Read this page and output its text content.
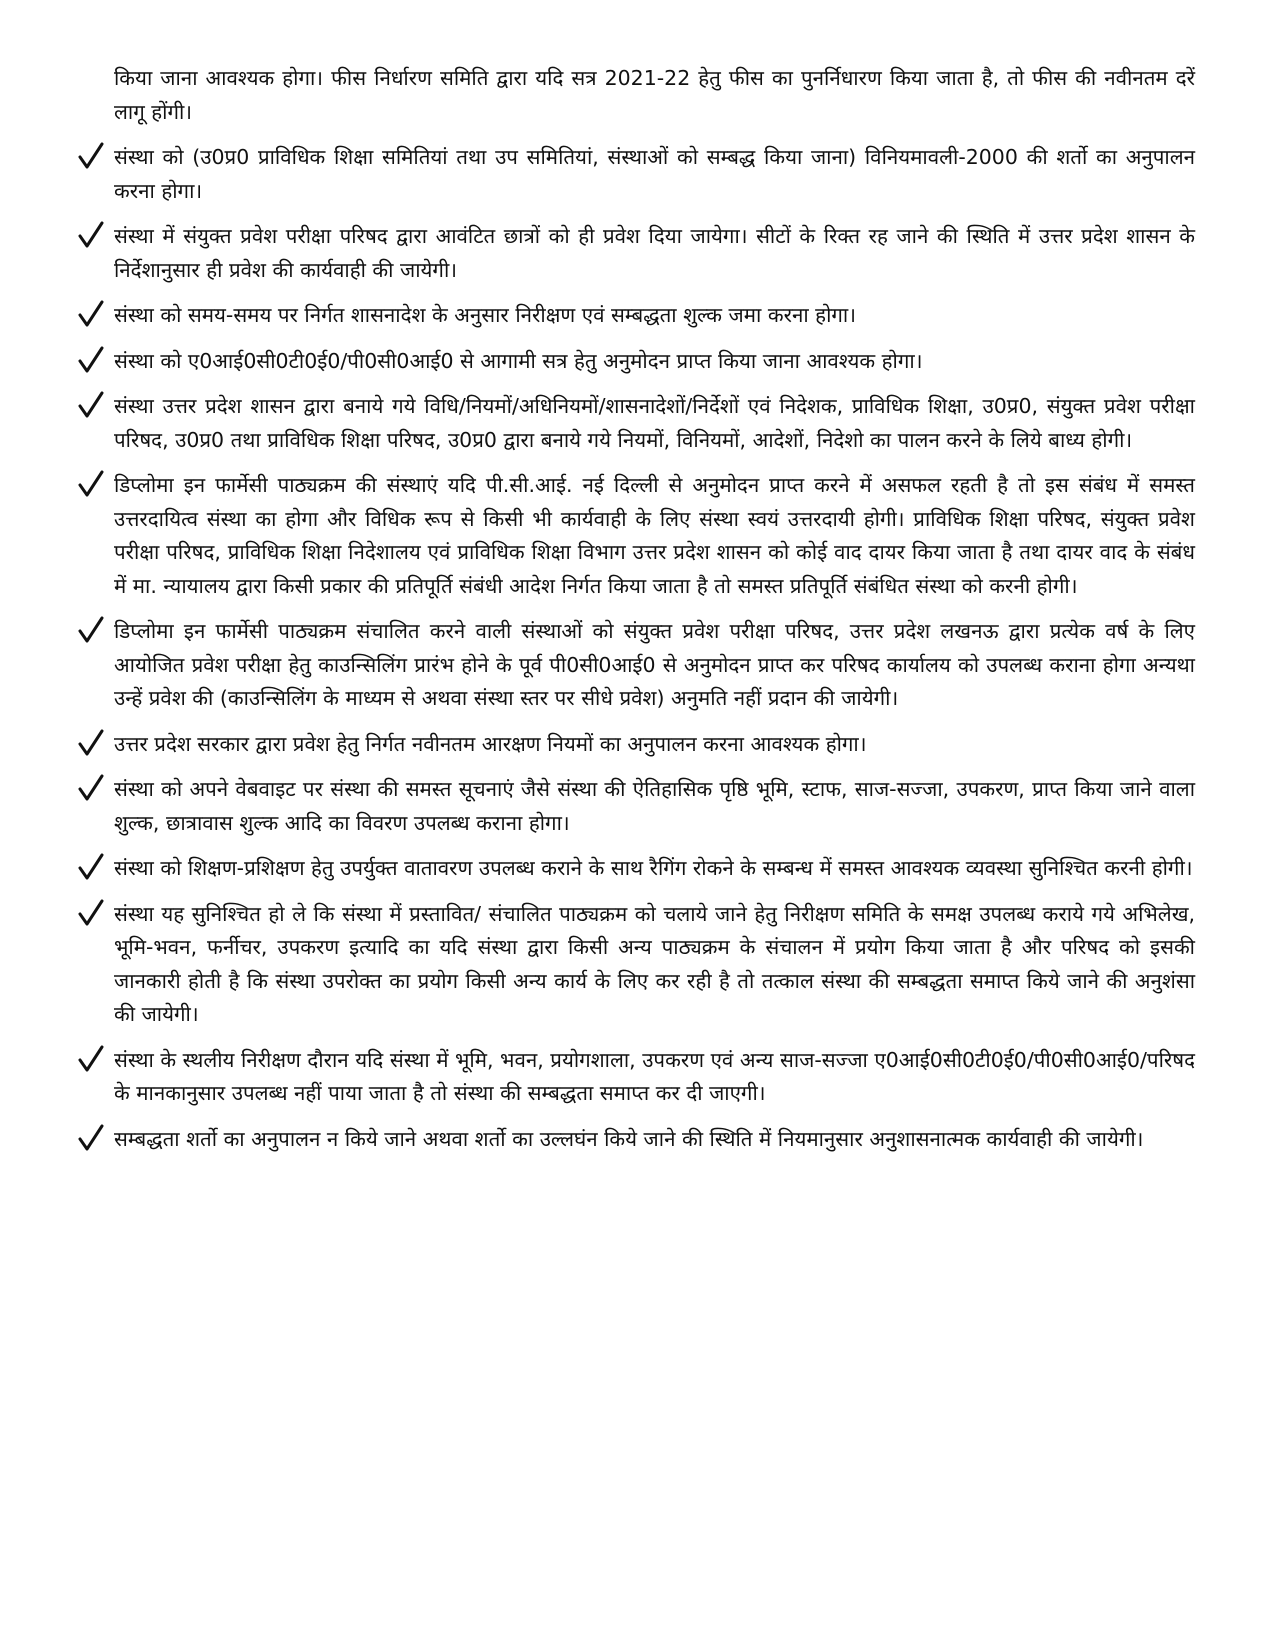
किया जाना आवश्यक होगा। फीस निर्धारण समिति द्वारा यदि सत्र 2021-22 हेतु फीस का पुनर्निधारण किया जाता है, तो फीस की नवीनतम दरें लागू होंगी।

संस्था को (उ0प्र0 प्राविधिक शिक्षा समितियां तथा उप समितियां, संस्थाओं को सम्बद्ध किया जाना) विनियमावली-2000 की शर्तो का अनुपालन करना होगा।
संस्था में संयुक्त प्रवेश परीक्षा परिषद द्वारा आवंटित छात्रों को ही प्रवेश दिया जायेगा। सीटों के रिक्त रह जाने की स्थिति में उत्तर प्रदेश शासन के निर्देशानुसार ही प्रवेश की कार्यवाही की जायेगी।
संस्था को समय-समय पर निर्गत शासनादेश के अनुसार निरीक्षण एवं सम्बद्धता शुल्क जमा करना होगा।
संस्था को ए0आई0सी0टी0ई0/पी0सी0आई0 से आगामी सत्र हेतु अनुमोदन प्राप्त किया जाना आवश्यक होगा।
संस्था उत्तर प्रदेश शासन द्वारा बनाये गये विधि/नियमों/अधिनियमों/शासनादेशों/निर्देशों एवं निदेशक, प्राविधिक शिक्षा, उ0प्र0, संयुक्त प्रवेश परीक्षा परिषद, उ0प्र0 तथा प्राविधिक शिक्षा परिषद, उ0प्र0 द्वारा बनाये गये नियमों, विनियमों, आदेशों, निदेशो का पालन करने के लिये बाध्य होगी।
डिप्लोमा इन फार्मेसी पाठ्यक्रम की संस्थाएं यदि पी.सी.आई. नई दिल्ली से अनुमोदन प्राप्त करने में असफल रहती है तो इस संबंध में समस्त उत्तरदायित्व संस्था का होगा और विधिक रूप से किसी भी कार्यवाही के लिए संस्था स्वयं उत्तरदायी होगी। प्राविधिक शिक्षा परिषद, संयुक्त प्रवेश परीक्षा परिषद, प्राविधिक शिक्षा निदेशालय एवं प्राविधिक शिक्षा विभाग उत्तर प्रदेश शासन को कोई वाद दायर किया जाता है तथा दायर वाद के संबंध में मा. न्यायालय द्वारा किसी प्रकार की प्रतिपूर्ति संबंधी आदेश निर्गत किया जाता है तो समस्त प्रतिपूर्ति संबंधित संस्था को करनी होगी।
डिप्लोमा इन फार्मेसी पाठ्यक्रम संचालित करने वाली संस्थाओं को संयुक्त प्रवेश परीक्षा परिषद, उत्तर प्रदेश लखनऊ द्वारा प्रत्येक वर्ष के लिए आयोजित प्रवेश परीक्षा हेतु काउन्सिलिंग प्रारंभ होने के पूर्व पी0सी0आई0 से अनुमोदन प्राप्त कर परिषद कार्यालय को उपलब्ध कराना होगा अन्यथा उन्हें प्रवेश की (काउन्सिलिंग के माध्यम से अथवा संस्था स्तर पर सीधे प्रवेश) अनुमति नहीं प्रदान की जायेगी।
उत्तर प्रदेश सरकार द्वारा प्रवेश हेतु निर्गत नवीनतम आरक्षण नियमों का अनुपालन करना आवश्यक होगा।
संस्था को अपने वेबवाइट पर संस्था की समस्त सूचनाएं जैसे संस्था की ऐतिहासिक पृष्ठि भूमि, स्टाफ, साज-सज्जा, उपकरण, प्राप्त किया जाने वाला शुल्क, छात्रावास शुल्क आदि का विवरण उपलब्ध कराना होगा।
संस्था को शिक्षण-प्रशिक्षण हेतु उपर्युक्त वातावरण उपलब्ध कराने के साथ रैगिंग रोकने के सम्बन्ध में समस्त आवश्यक व्यवस्था सुनिश्चित करनी होगी।
संस्था यह सुनिश्चित हो ले कि संस्था में प्रस्तावित/ संचालित पाठ्यक्रम को चलाये जाने हेतु निरीक्षण समिति के समक्ष उपलब्ध कराये गये अभिलेख, भूमि-भवन, फर्नीचर, उपकरण इत्यादि का यदि संस्था द्वारा किसी अन्य पाठ्यक्रम के संचालन में प्रयोग किया जाता है और परिषद को इसकी जानकारी होती है कि संस्था उपरोक्त का प्रयोग किसी अन्य कार्य के लिए कर रही है तो तत्काल संस्था की सम्बद्धता समाप्त किये जाने की अनुशंसा की जायेगी।
संस्था के स्थलीय निरीक्षण दौरान यदि संस्था में भूमि, भवन, प्रयोगशाला, उपकरण एवं अन्य साज-सज्जा ए0आई0सी0टी0ई0/पी0सी0आई0/परिषद के मानकानुसार उपलब्ध नहीं पाया जाता है तो संस्था की सम्बद्धता समाप्त कर दी जाएगी।
सम्बद्धता शर्तो का अनुपालन न किये जाने अथवा शर्तो का उल्लघंन किये जाने की स्थिति में नियमानुसार अनुशासनात्मक कार्यवाही की जायेगी।
